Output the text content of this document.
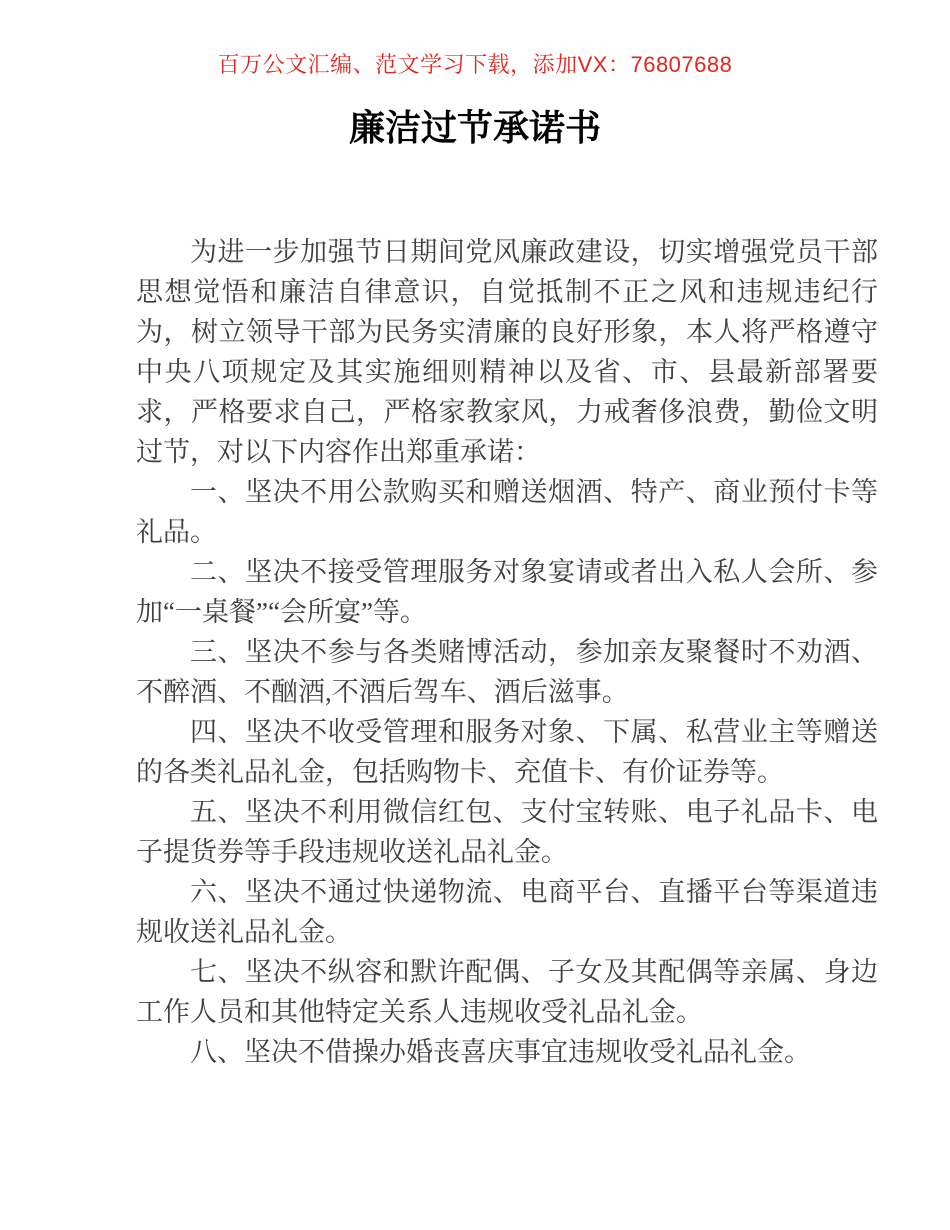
百万公文汇编、范文学习下载，添加VX：76807688
廉洁过节承诺书

为进一步加强节日期间党风廉政建设，切实增强党员干部思想觉悟和廉洁自律意识，自觉抵制不正之风和违规违纪行为，树立领导干部为民务实清廉的良好形象，本人将严格遵守中央八项规定及其实施细则精神以及省、市、县最新部署要求，严格要求自己，严格家教家风，力戒奢侈浪费，勤俭文明过节，对以下内容作出郑重承诺：

一、坚决不用公款购买和赠送烟酒、特产、商业预付卡等礼品。

二、坚决不接受管理服务对象宴请或者出入私人会所、参加“一桌餐”“会所宴”等。

三、坚决不参与各类赌博活动，参加亲友聚餐时不劝酒、不醉酒、不酗酒,不酒后驾车、酒后滋事。

四、坚决不收受管理和服务对象、下属、私营业主等赠送的各类礼品礼金，包括购物卡、充值卡、有价证券等。

五、坚决不利用微信红包、支付宝转账、电子礼品卡、电子提货券等手段违规收送礼品礼金。

六、坚决不通过快递物流、电商平台、直播平台等渠道违规收送礼品礼金。

七、坚决不纵容和默许配偶、子女及其配偶等亲属、身边工作人员和其他特定关系人违规收受礼品礼金。

八、坚决不借操办婚丧喜庆事宜违规收受礼品礼金。
